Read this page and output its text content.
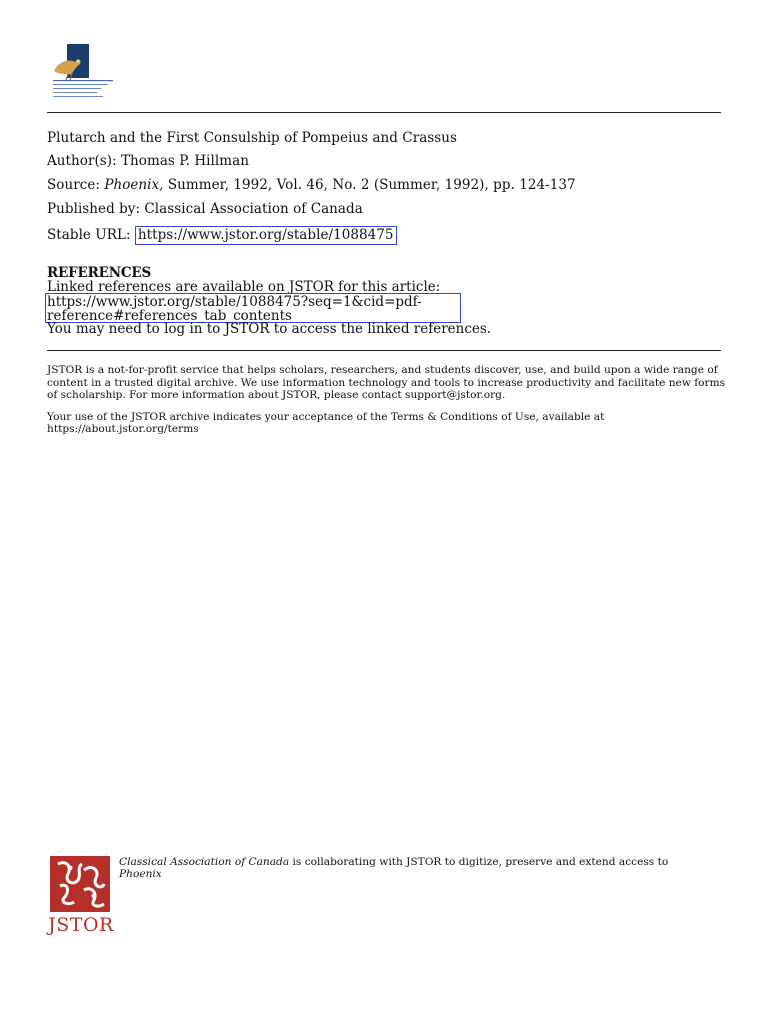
Plutarch and the First Consulship of Pompeius and Crassus
Author(s): Thomas P. Hillman
Source: Phoenix, Summer, 1992, Vol. 46, No. 2 (Summer, 1992), pp. 124-137
Published by: Classical Association of Canada
Stable URL: https://www.jstor.org/stable/1088475
REFERENCES
Linked references are available on JSTOR for this article:
https://www.jstor.org/stable/1088475?seq=1&cid=pdf-
reference#references_tab_contents
You may need to log in to JSTOR to access the linked references.

JSTOR is a not-for-profit service that helps scholars, researchers, and students discover, use, and build upon a wide range of content in a trusted digital archive. We use information technology and tools to increase productivity and facilitate new forms of scholarship. For more information about JSTOR, please contact support@jstor.org.

Your use of the JSTOR archive indicates your acceptance of the Terms & Conditions of Use, available at https://about.jstor.org/terms

JSTOR
Classical Association of Canada is collaborating with JSTOR to digitize, preserve and extend access to Phoenix
